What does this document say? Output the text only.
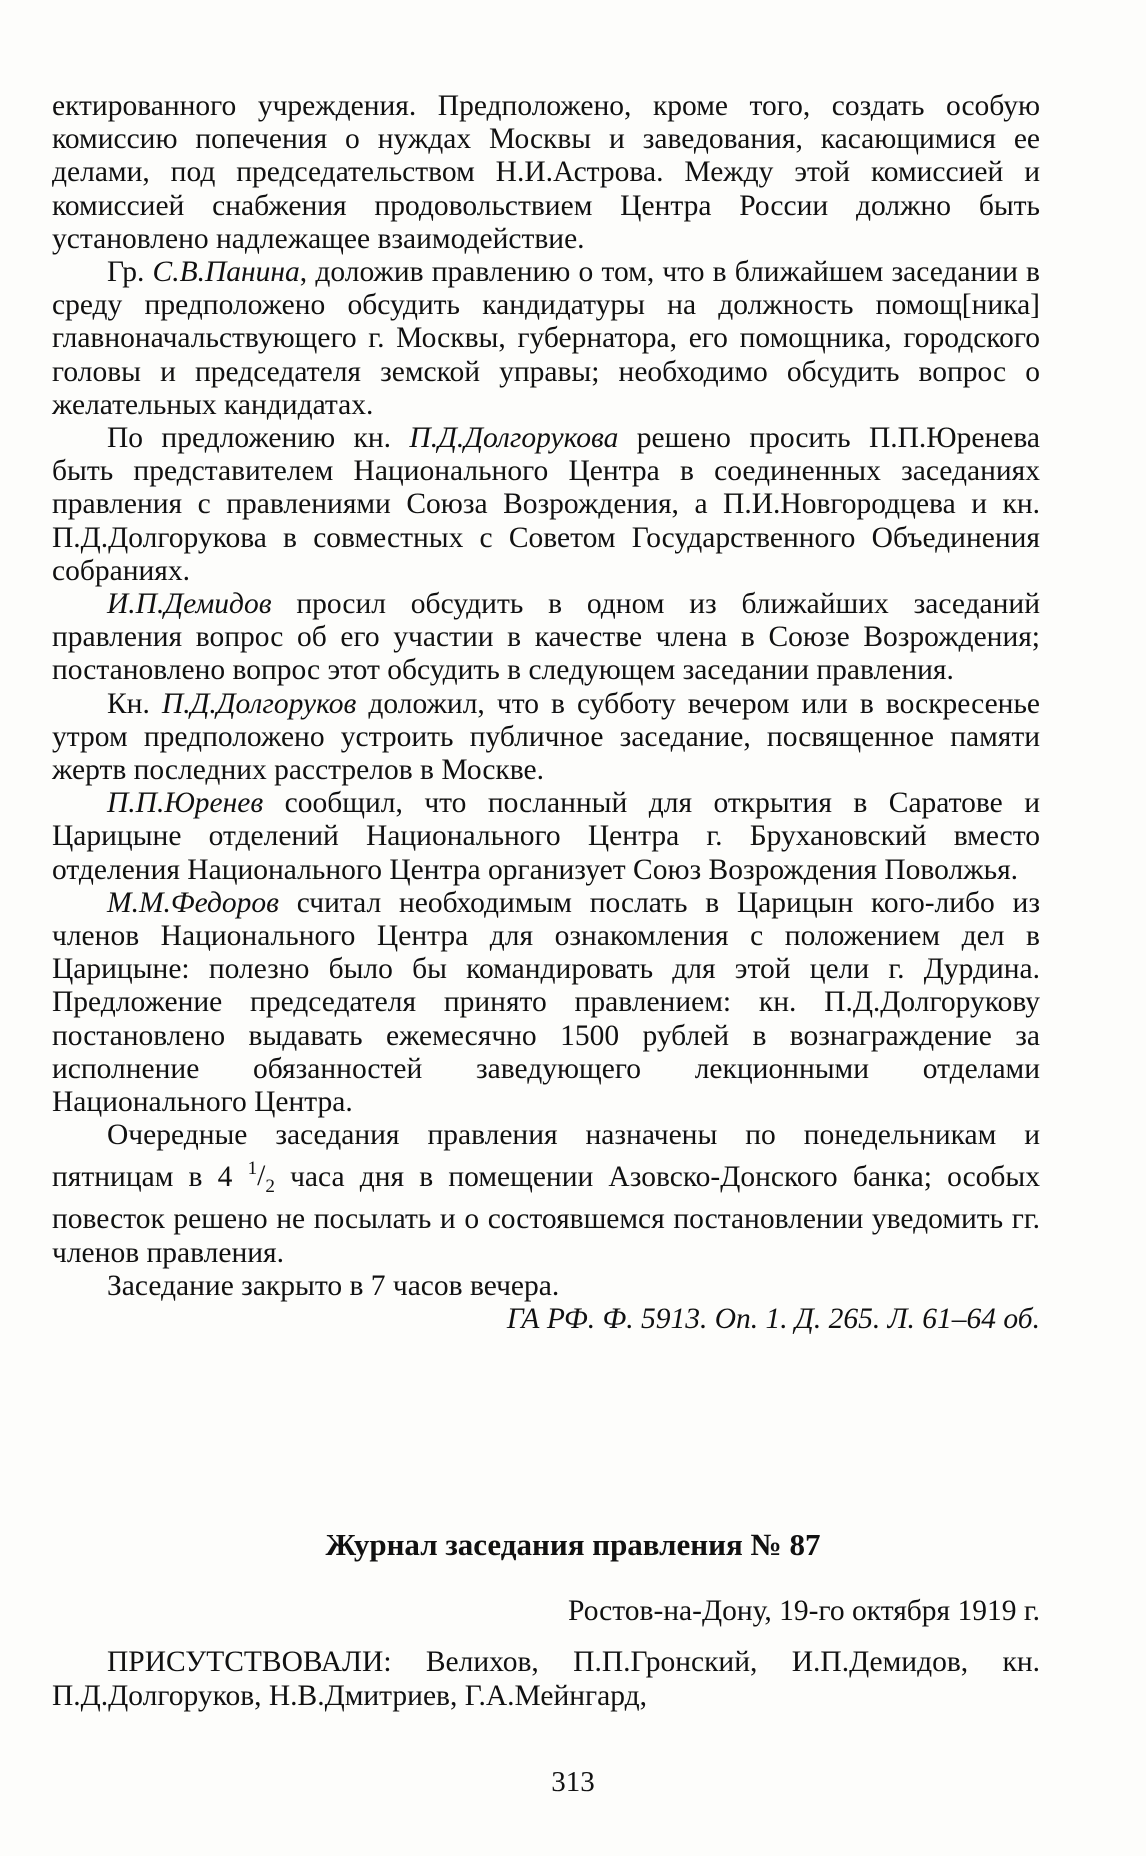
ектированного учреждения. Предположено, кроме того, создать особую комиссию попечения о нуждах Москвы и заведования, касающимися ее делами, под председательством Н.И.Астрова. Между этой комиссией и комиссией снабжения продовольствием Центра России должно быть установлено надлежащее взаимодействие.

Гр. С.В.Панина, доложив правлению о том, что в ближайшем заседании в среду предположено обсудить кандидатуры на должность помощ[ника] главноначальствующего г. Москвы, губернатора, его помощника, городского головы и председателя земской управы; необходимо обсудить вопрос о желательных кандидатах.

По предложению кн. П.Д.Долгорукова решено просить П.П.Юренева быть представителем Национального Центра в соединенных заседаниях правления с правлениями Союза Возрождения, а П.И.Новгородцева и кн. П.Д.Долгорукова в совместных с Советом Государственного Объединения собраниях.

И.П.Демидов просил обсудить в одном из ближайших заседаний правления вопрос об его участии в качестве члена в Союзе Возрождения; постановлено вопрос этот обсудить в следующем заседании правления.

Кн. П.Д.Долгоруков доложил, что в субботу вечером или в воскресенье утром предположено устроить публичное заседание, посвященное памяти жертв последних расстрелов в Москве.

П.П.Юренев сообщил, что посланный для открытия в Саратове и Царицыне отделений Национального Центра г. Брухановский вместо отделения Национального Центра организует Союз Возрождения Поволжья.

М.М.Федоров считал необходимым послать в Царицын кого-либо из членов Национального Центра для ознакомления с положением дел в Царицыне: полезно было бы командировать для этой цели г. Дурдина. Предложение председателя принято правлением: кн. П.Д.Долгорукову постановлено выдавать ежемесячно 1500 рублей в вознаграждение за исполнение обязанностей заведующего лекционными отделами Национального Центра.

Очередные заседания правления назначены по понедельникам и пятницам в 4 $^1/_2$ часа дня в помещении Азовско-Донского банка; особых повесток решено не посылать и о состоявшемся постановлении уведомить гг. членов правления.

Заседание закрыто в 7 часов вечера.

ГА РФ. Ф. 5913. Оп. 1. Д. 265. Л. 61–64 об.

Журнал заседания правления № 87
Ростов-на-Дону, 19-го октября 1919 г.

ПРИСУТСТВОВАЛИ: Велихов, П.П.Гронский, И.П.Демидов, кн. П.Д.Долгоруков, Н.В.Дмитриев, Г.А.Мейнгард,

313
